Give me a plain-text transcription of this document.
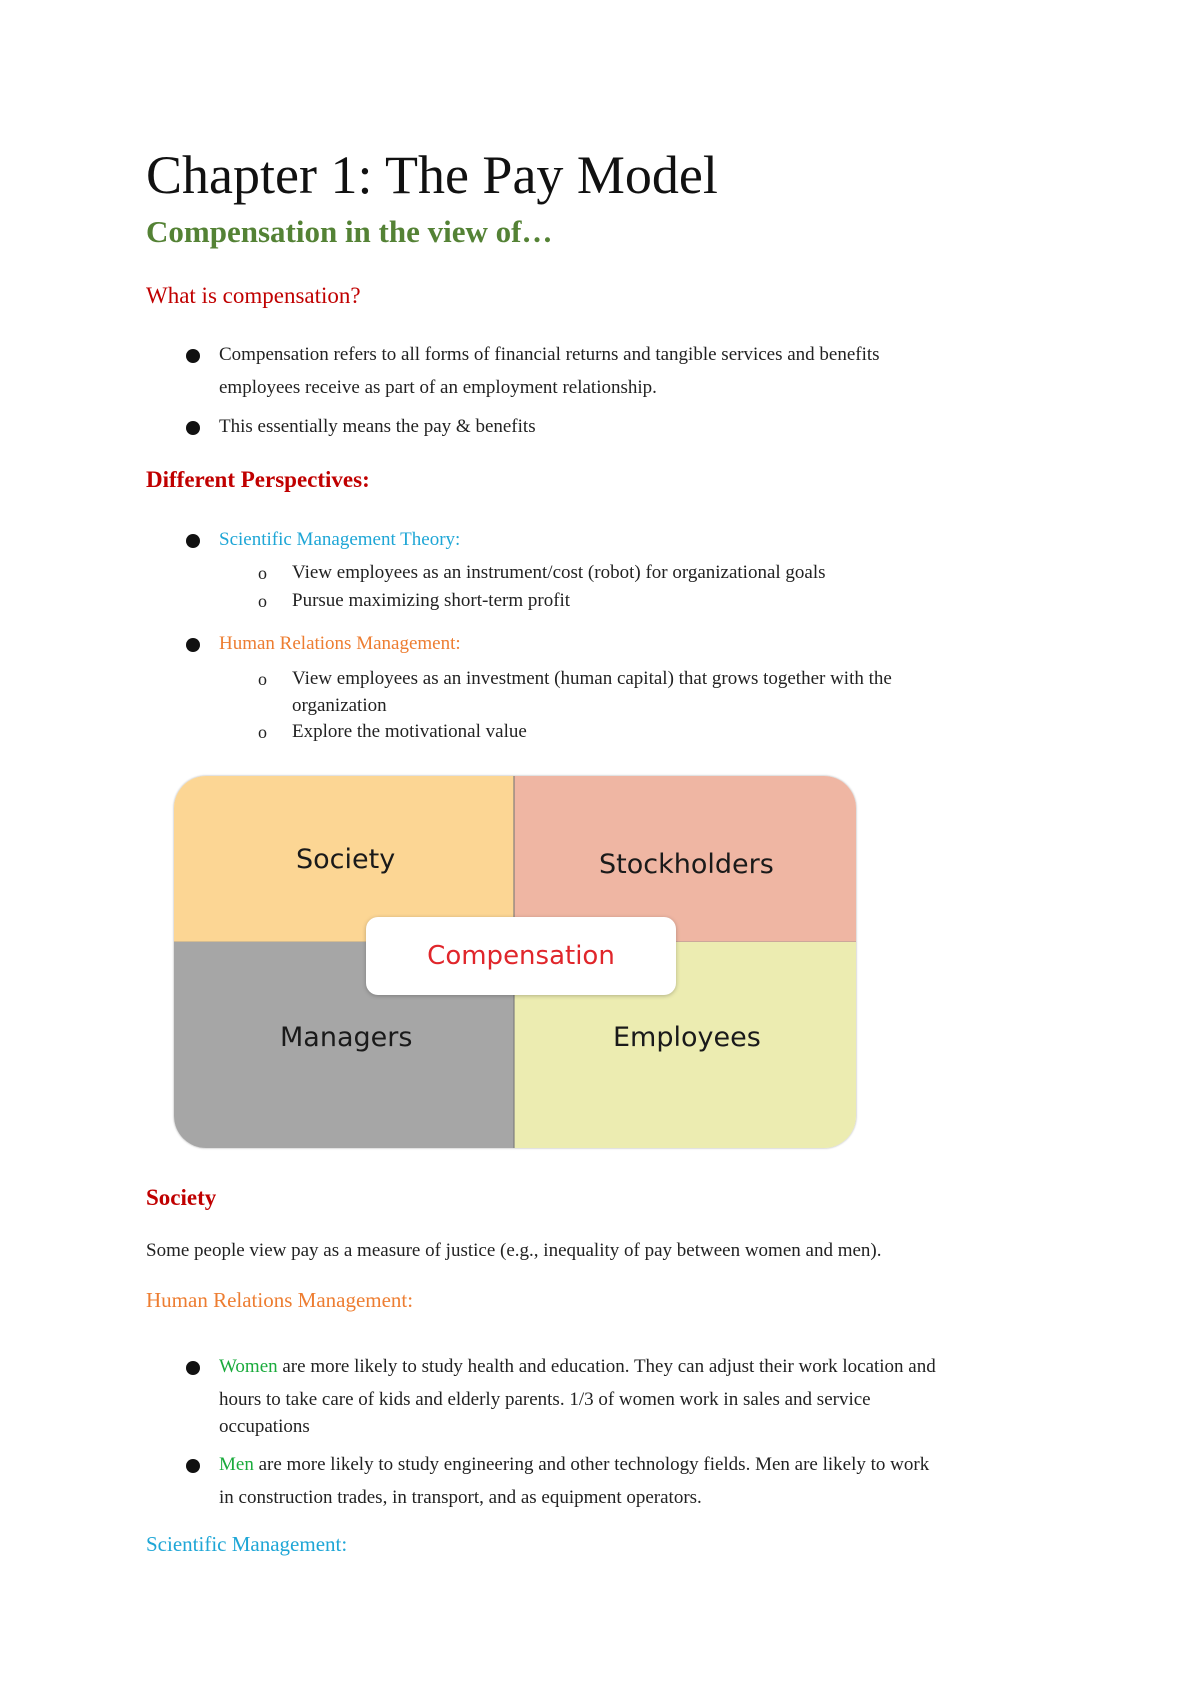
Chapter 1: The Pay Model
Compensation in the view of…
What is compensation?
Compensation refers to all forms of financial returns and tangible services and benefits
employees receive as part of an employment relationship.
This essentially means the pay & benefits
Different Perspectives:
Scientific Management Theory:
o View employees as an instrument/cost (robot) for organizational goals
o Pursue maximizing short-term profit
Human Relations Management:
o View employees as an investment (human capital) that grows together with the
organization
o Explore the motivational value
Society	Stockholders
Managers	Employees
Compensation
Society
Some people view pay as a measure of justice (e.g., inequality of pay between women and men).
Human Relations Management:
Women are more likely to study health and education. They can adjust their work location and
hours to take care of kids and elderly parents. 1/3 of women work in sales and service
occupations
Men are more likely to study engineering and other technology fields. Men are likely to work
in construction trades, in transport, and as equipment operators.
Scientific Management:
